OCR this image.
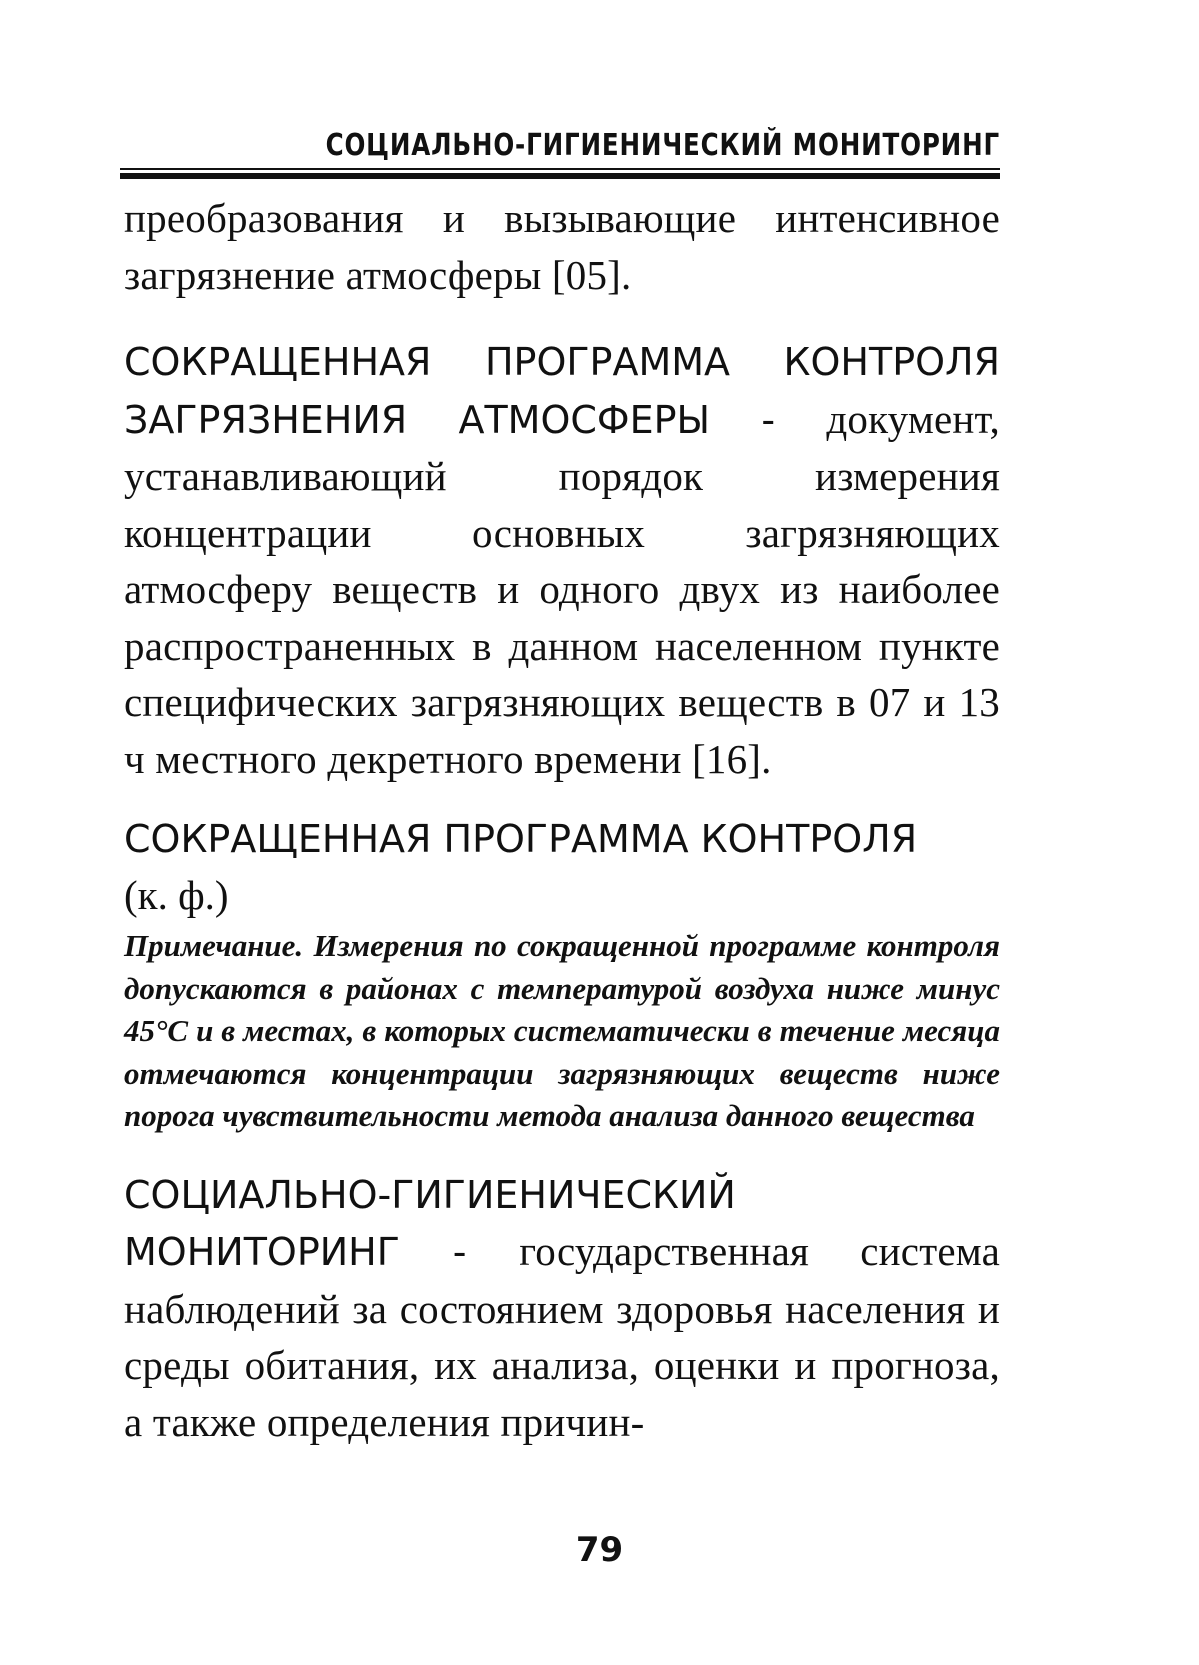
СОЦИАЛЬНО-ГИГИЕНИЧЕСКИЙ МОНИТОРИНГ

преобразования и вызывающие интенсивное загрязнение атмосферы [05].

СОКРАЩЕННАЯ ПРОГРАММА КОНТРОЛЯ ЗАГРЯЗНЕНИЯ АТМОСФЕРЫ - документ, устанавливающий порядок измерения концентрации основных загрязняющих атмосферу веществ и одного двух из наиболее распространенных в данном населенном пункте специфических загрязняющих веществ в 07 и 13 ч местного декретного времени [16].

СОКРАЩЕННАЯ ПРОГРАММА КОНТРОЛЯ

(к. ф.)

Примечание. Измерения по сокращенной программе контроля допускаются в районах с температурой воздуха ниже минус 45°С и в местах, в которых систематически в течение месяца отмечаются концентрации загрязняющих веществ ниже порога чувствительности метода анализа данного вещества

СОЦИАЛЬНО-ГИГИЕНИЧЕСКИЙ МОНИТОРИНГ - государственная система наблюдений за состоянием здоровья населения и среды обитания, их анализа, оценки и прогноза, а также определения причин-

79
